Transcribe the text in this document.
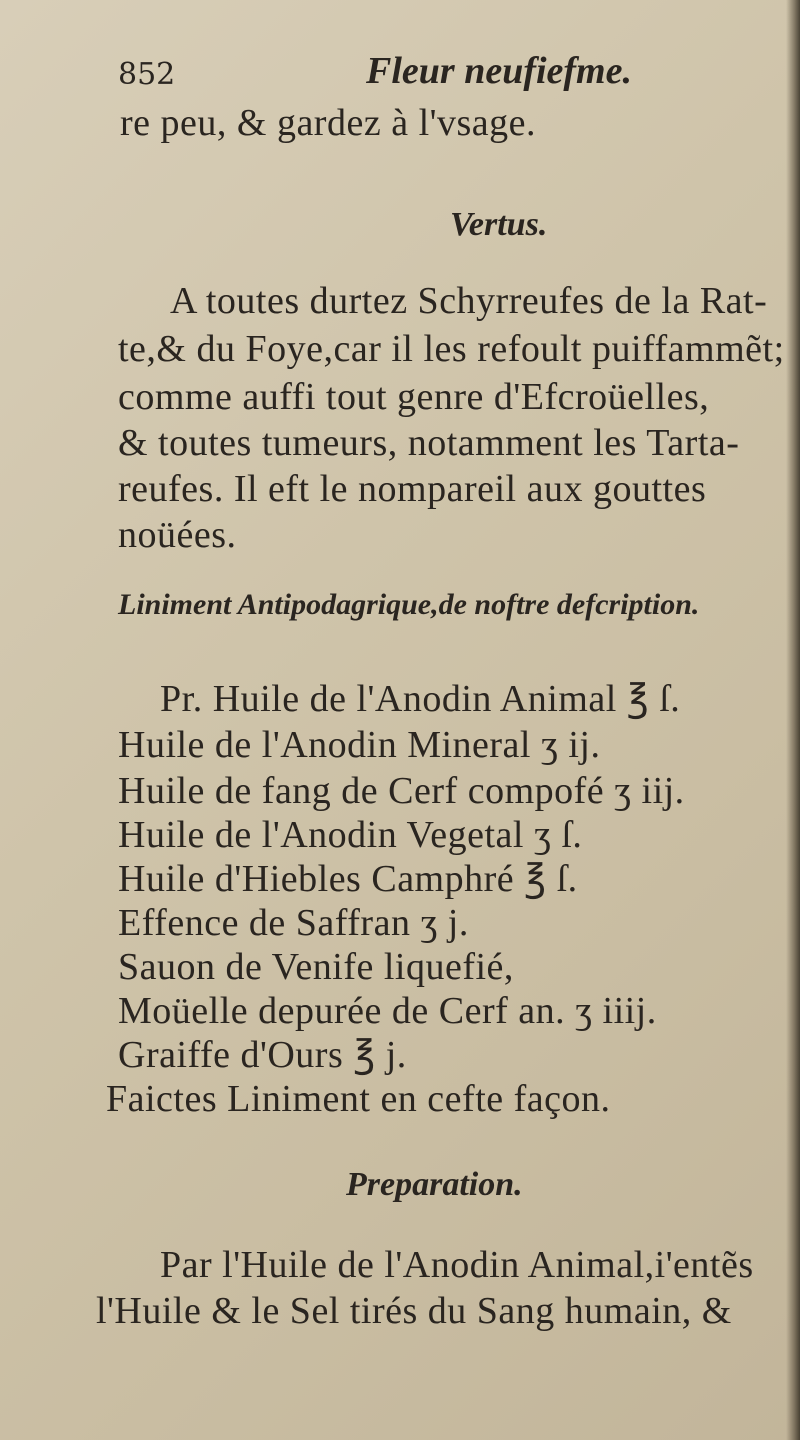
852	Fleur neufiefme.
re peu, & gardez à l'vsage.
Vertus.
A toutes durtez Schyrreufes de la Rat-
te,& du Foye,car il les refoult puiffammẽt;
comme auffi tout genre d'Efcroüelles,
& toutes tumeurs, notamment les Tarta-
reufes. Il eft le nompareil aux gouttes
noüées.
Liniment Antipodagrique,de noftre defcription.
Pr. Huile de l'Anodin Animal ℥ ſ.
Huile de l'Anodin Mineral ʒ ij.
Huile de fang de Cerf compofé ʒ iij.
Huile de l'Anodin Vegetal ʒ ſ.
Huile d'Hiebles Camphré ℥ ſ.
Effence de Saffran ʒ j.
Sauon de Venife liquefié,
Moüelle depurée de Cerf an. ʒ iiij.
Graiffe d'Ours ℥ j.
Faictes Liniment en cefte façon.
Preparation.
Par l'Huile de l'Anodin Animal,i'entẽs
l'Huile & le Sel tirés du Sang humain, &
